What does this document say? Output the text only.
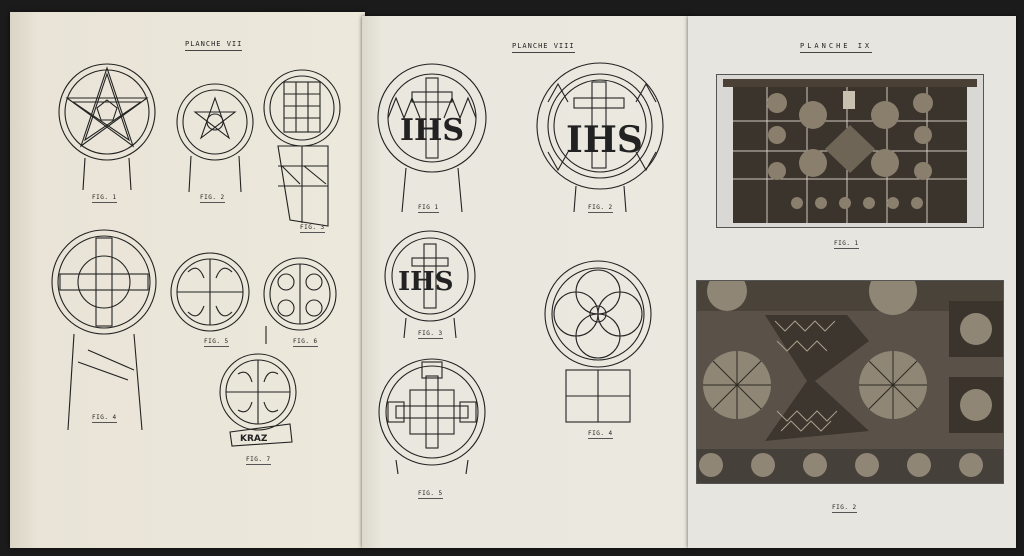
PLANCHE VII
FIG. 1	FIG. 2
FIG. 3
FIG. 4
FIG. 5	FIG. 6
KRAZ
FIG. 7
PLANCHE VIII
IHS
FIG 1
IHS
FIG. 2
IHS
FIG. 3
FIG. 4
FIG. 5
PLANCHE IX
FIG. 1
FIG. 2
